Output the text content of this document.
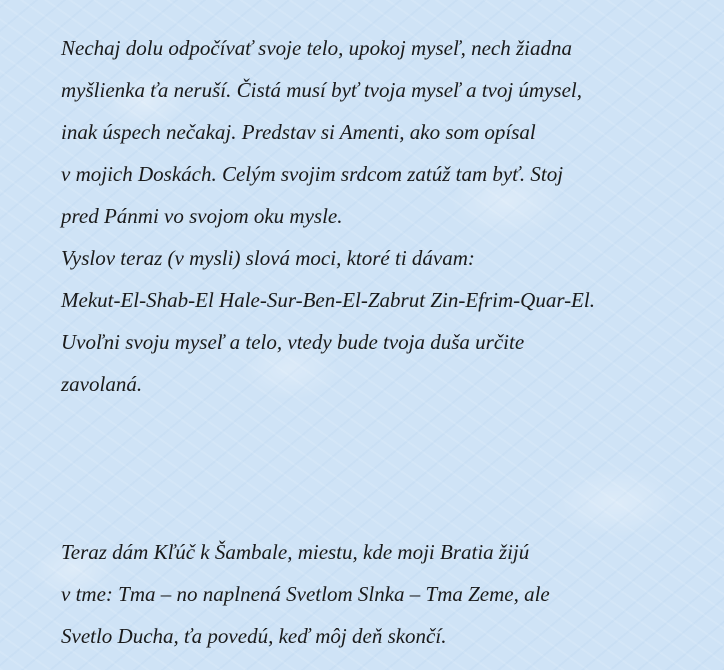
Nechaj dolu odpočívať svoje telo, upokoj myseľ, nech žiadna
myšlienka ťa neruší. Čistá musí byť tvoja myseľ a tvoj úmysel,
inak úspech nečakaj. Predstav si Amenti, ako som opísal
v mojich Doskách. Celým svojim srdcom zatúž tam byť. Stoj
pred Pánmi vo svojom oku mysle.
Vyslov teraz (v mysli) slová moci, ktoré ti dávam:
Mekut-El-Shab-El Hale-Sur-Ben-El-Zabrut Zin-Efrim-Quar-El.
Uvoľni svoju myseľ a telo, vtedy bude tvoja duša určite
zavolaná.
Teraz dám Kľúč k Šambale, miestu, kde moji Bratia žijú
v tme: Tma – no naplnená Svetlom Slnka – Tma Zeme, ale
Svetlo Ducha, ťa povedú, keď môj deň skončí.
